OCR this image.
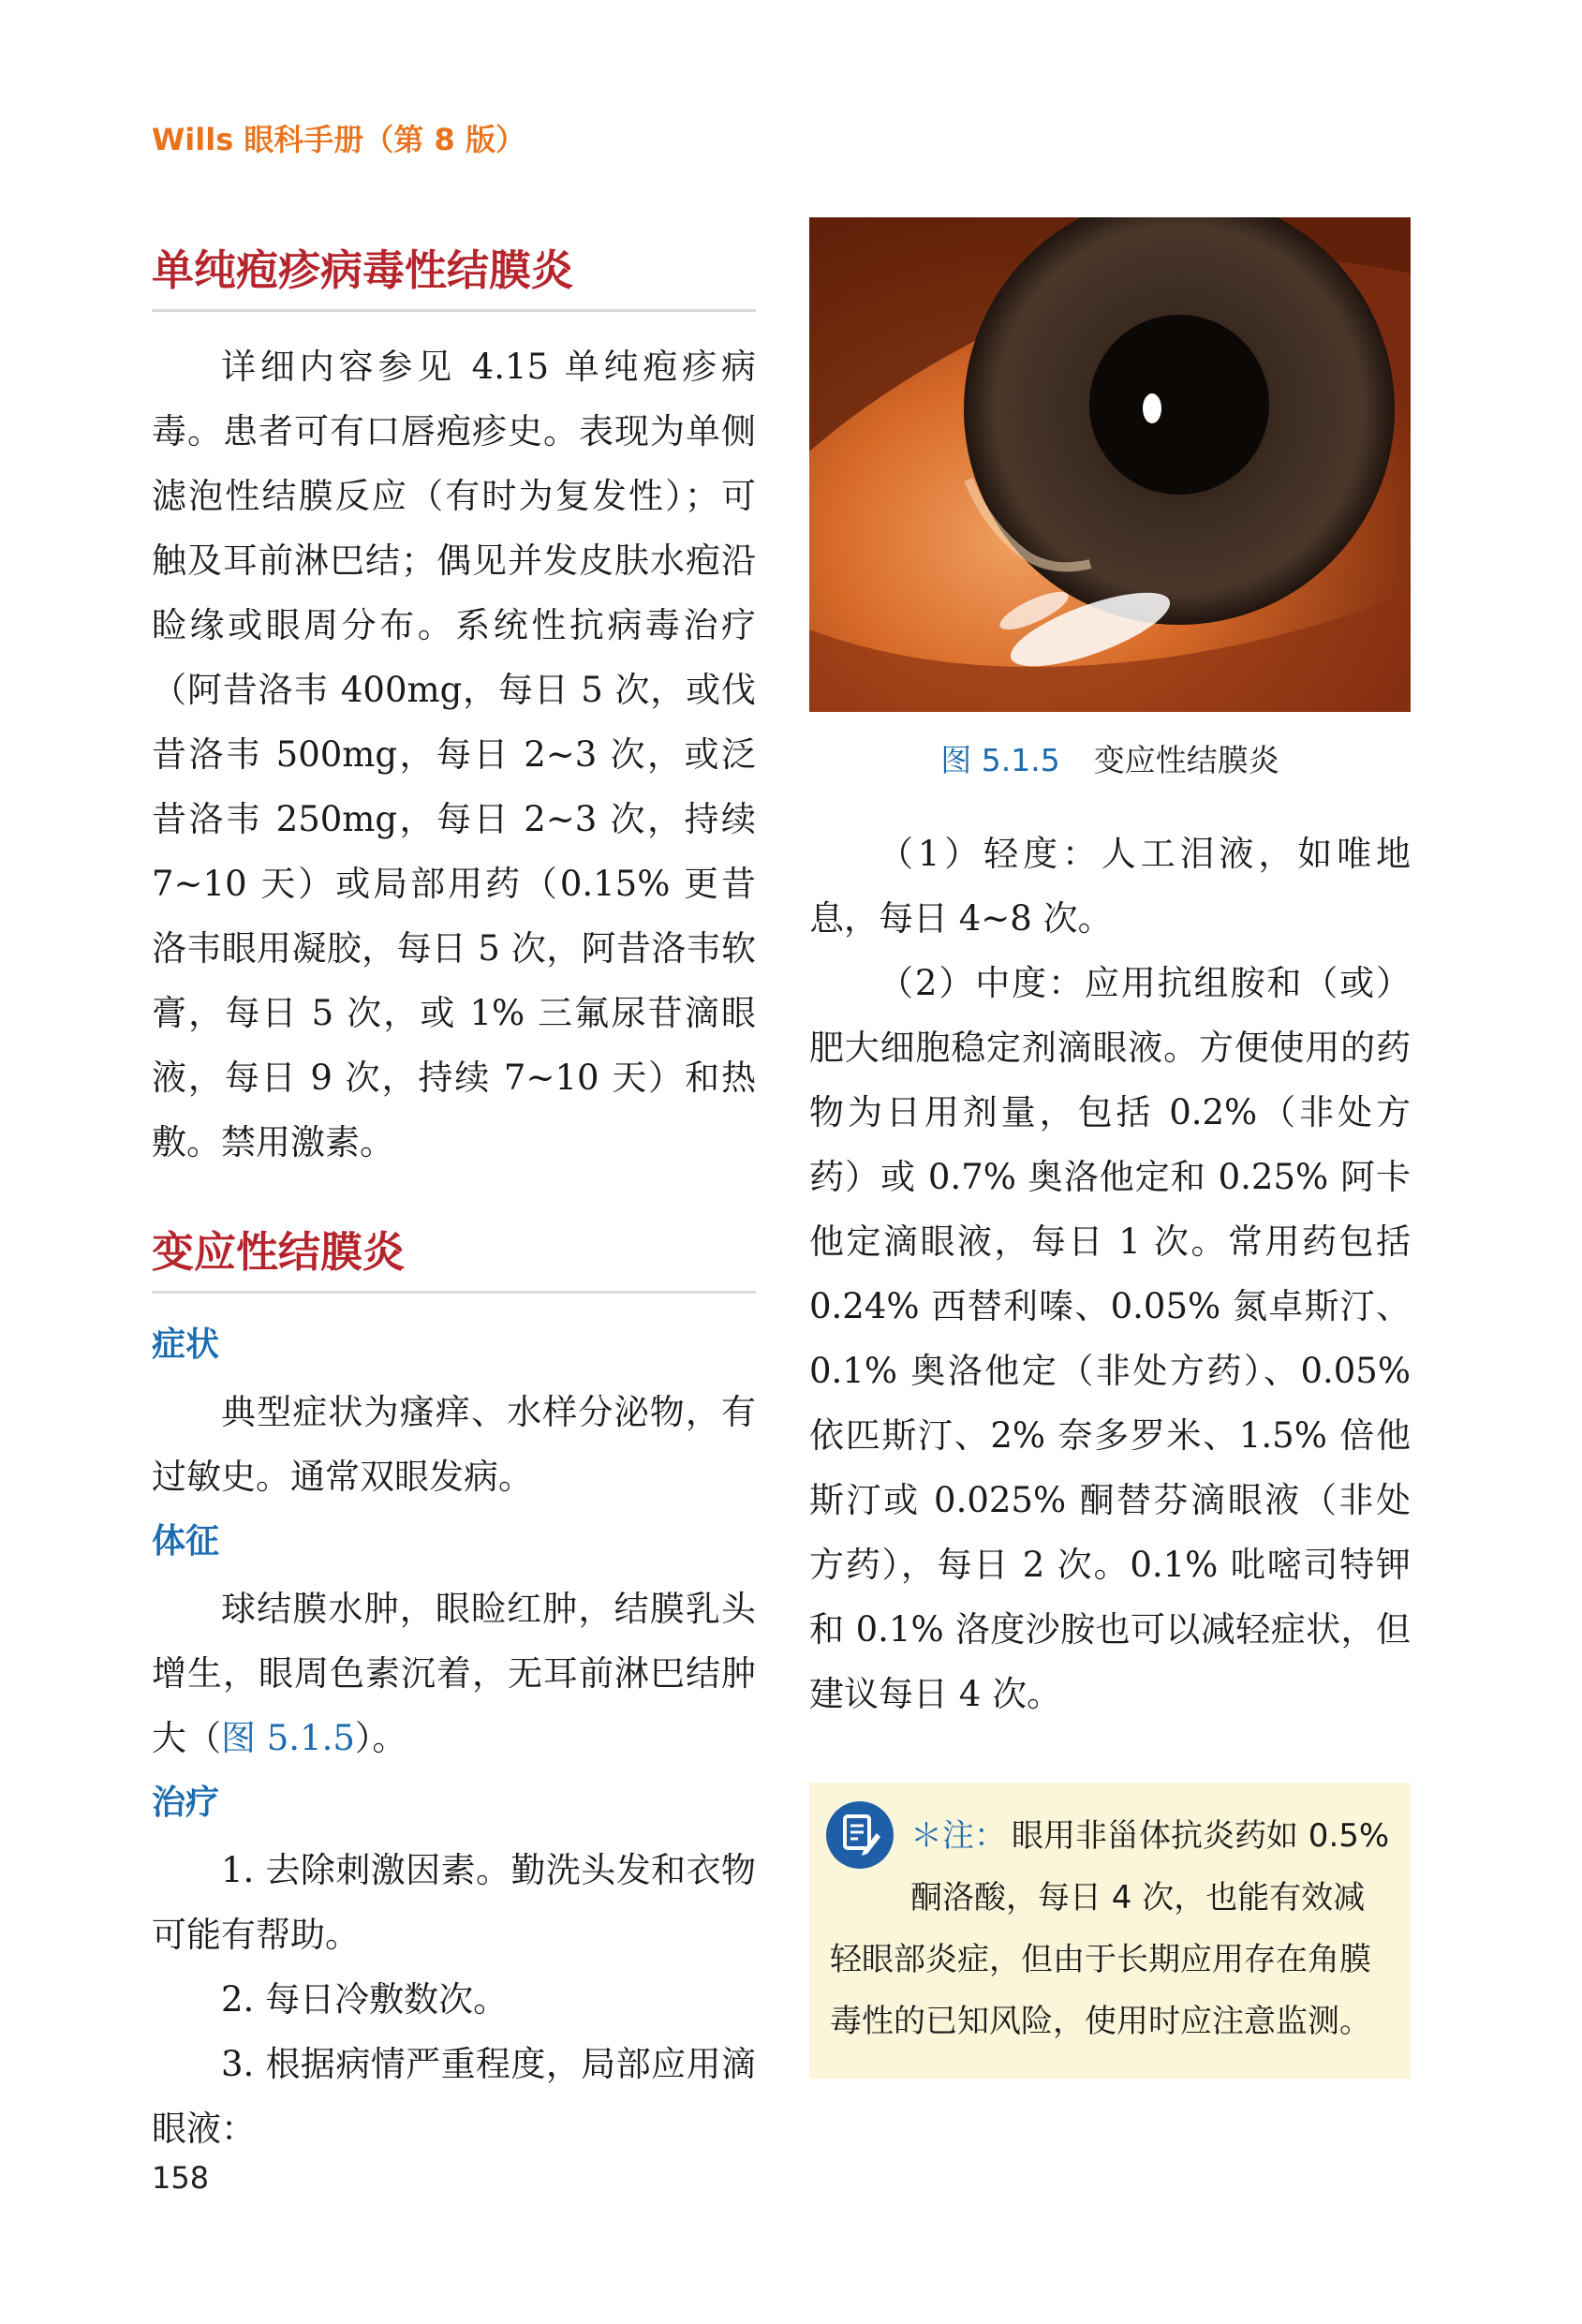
Wills 眼科手册（第 8 版）
单纯疱疹病毒性结膜炎

详细内容参见 4.15 单纯疱疹病毒。患者可有口唇疱疹史。表现为单侧滤泡性结膜反应（有时为复发性）；可触及耳前淋巴结；偶见并发皮肤水疱沿睑缘或眼周分布。系统性抗病毒治疗（阿昔洛韦 400mg，每日 5 次，或伐昔洛韦 500mg，每日 2~3 次，或泛昔洛韦 250mg，每日 2~3 次，持续 7~10 天）或局部用药（0.15% 更昔洛韦眼用凝胶，每日 5 次，阿昔洛韦软膏，每日 5 次，或 1% 三氟尿苷滴眼液，每日 9 次，持续 7~10 天）和热敷。禁用激素。

变应性结膜炎
症状

典型症状为瘙痒、水样分泌物，有过敏史。通常双眼发病。

体征

球结膜水肿，眼睑红肿，结膜乳头增生，眼周色素沉着，无耳前淋巴结肿大（图 5.1.5）。

治疗

1. 去除刺激因素。勤洗头发和衣物可能有帮助。

2. 每日冷敷数次。

3. 根据病情严重程度，局部应用滴眼液：

图 5.1.5 变应性结膜炎

（1）轻度：人工泪液，如唯地息，每日 4~8 次。

（2）中度：应用抗组胺和（或）肥大细胞稳定剂滴眼液。方便使用的药物为日用剂量，包括 0.2%（非处方药）或 0.7% 奥洛他定和 0.25% 阿卡他定滴眼液，每日 1 次。常用药包括 0.24% 西替利嗪、0.05% 氮卓斯汀、0.1% 奥洛他定（非处方药）、0.05% 依匹斯汀、2% 奈多罗米、1.5% 倍他斯汀或 0.025% 酮替芬滴眼液（非处方药），每日 2 次。0.1% 吡嘧司特钾和 0.1% 洛度沙胺也可以减轻症状，但建议每日 4 次。

＊注： 眼用非甾体抗炎药如 0.5% 酮洛酸，每日 4 次，也能有效减轻眼部炎症，但由于长期应用存在角膜毒性的已知风险，使用时应注意监测。

158
